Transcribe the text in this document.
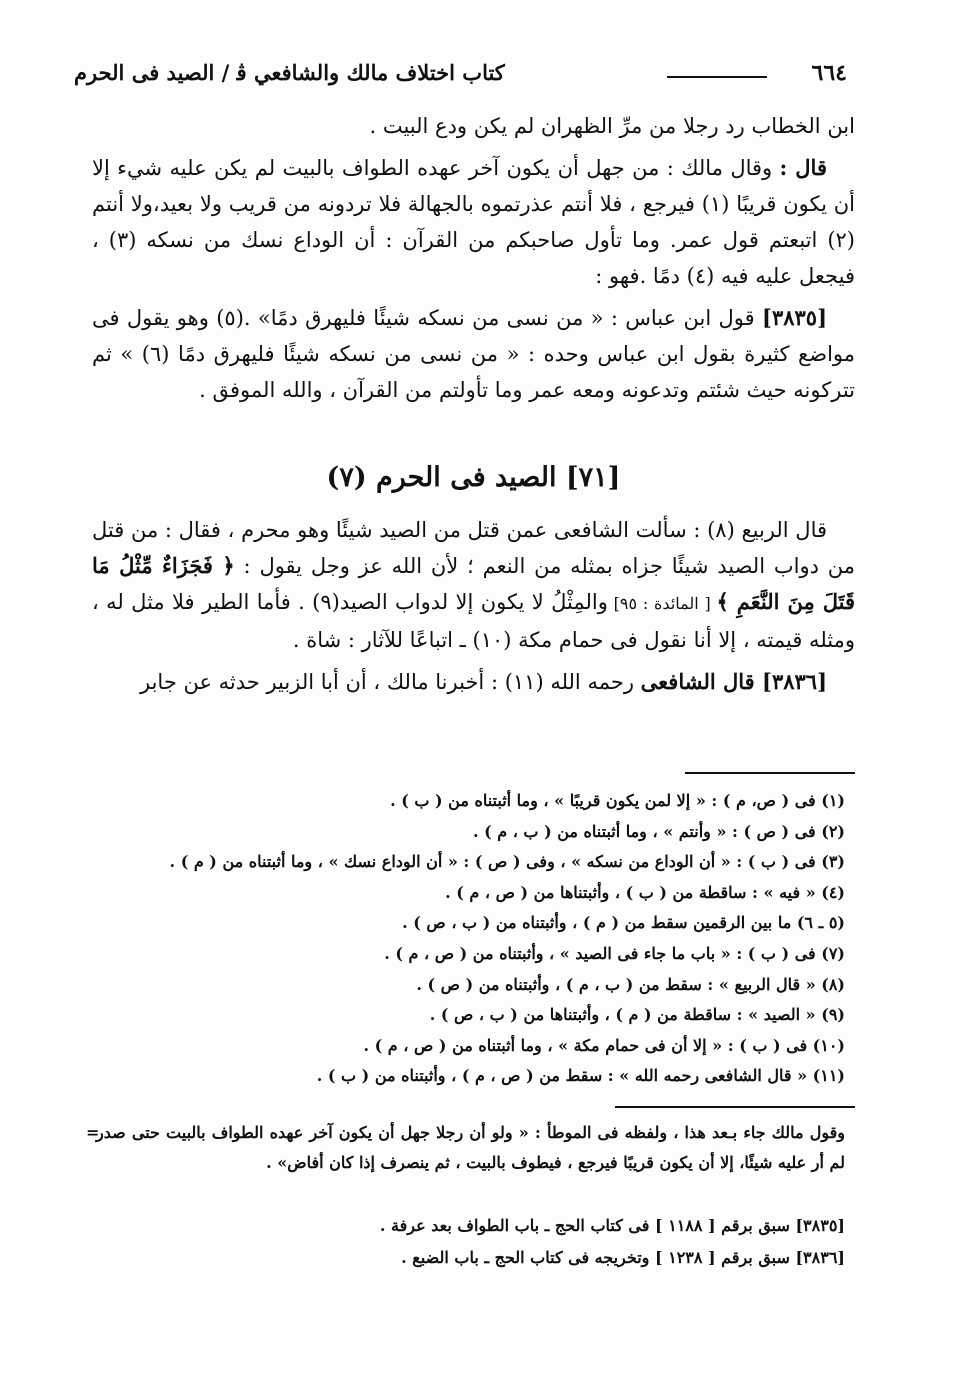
٦٦٤
كتاب اختلاف مالك والشافعي ﭬ / الصيد فى الحرم

ابن الخطاب رد رجلا من مرِّ الظهران لم يكن ودع البيت .

قال : وقال مالك : من جهل أن يكون آخر عهده الطواف بالبيت لم يكن عليه شيء إلا أن يكون قريبًا (١) فيرجع ، فلا أنتم عذرتموه بالجهالة فلا تردونه من قريب ولا بعيد،ولا أنتم (٢) اتبعتم قول عمر. وما تأول صاحبكم من القرآن : أن الوداع نسك من نسكه (٣) ، فيجعل عليه فيه (٤) دمًا .فهو :

[٣٨٣٥] قول ابن عباس : « من نسى من نسكه شيئًا فليهرق دمًا» .(٥) وهو يقول فى مواضع كثيرة بقول ابن عباس وحده : « من نسى من نسكه شيئًا فليهرق دمًا (٦) » ثم تتركونه حيث شئتم وتدعونه ومعه عمر وما تأولتم من القرآن ، والله الموفق .

[٧١] الصيد فى الحرم (٧)

قال الربيع (٨) : سألت الشافعى عمن قتل من الصيد شيئًا وهو محرم ، فقال : من قتل من دواب الصيد شيئًا جزاه بمثله من النعم ؛ لأن الله عز وجل يقول : ﴿ فَجَزَاءٌ مِّثْلُ مَا قَتَلَ مِنَ النَّعَمِ ﴾ [ المائدة : ٩٥] والمِثْلُ لا يكون إلا لدواب الصيد(٩) . فأما الطير فلا مثل له ، ومثله قيمته ، إلا أنا نقول فى حمام مكة (١٠) ـ اتباعًا للآثار : شاة .

[٣٨٣٦] قال الشافعى رحمه الله (١١) : أخبرنا مالك ، أن أبا الزبير حدثه عن جابر

(١) فى ( ص، م ) : « إلا لمن يكون قريبًا » ، وما أثبتناه من ( ب ) .
(٢) فى ( ص ) : « وأنتم » ، وما أثبتناه من ( ب ، م ) .
(٣) فى ( ب ) : « أن الوداع من نسكه » ، وفى ( ص ) : « أن الوداع نسك » ، وما أثبتناه من ( م ) .
(٤) « فيه » : ساقطة من ( ب ) ، وأثبتناها من ( ص ، م ) .
(٥ ـ ٦) ما بين الرقمين سقط من ( م ) ، وأثبتناه من ( ب ، ص ) .
(٧) فى ( ب ) : « باب ما جاء فى الصيد » ، وأثبتناه من ( ص ، م ) .
(٨) « قال الربيع » : سقط من ( ب ، م ) ، وأثبتناه من ( ص ) .
(٩) « الصيد » : ساقطة من ( م ) ، وأثبتناها من ( ب ، ص ) .
(١٠) فى ( ب ) : « إلا أن فى حمام مكة » ، وما أثبتناه من ( ص ، م ) .
(١١) « قال الشافعى رحمه الله » : سقط من ( ص ، م ) ، وأثبتناه من ( ب ) .

=
وقول مالك جاء بـعد هذا ، ولفظه فى الموطأ : « ولو أن رجلا جهل أن يكون آخر عهده الطواف بالبيت حتى صدر لم أر عليه شيئًا، إلا أن يكون قريبًا فيرجع ، فيطوف بالبيت ، ثم ينصرف إذا كان أفاض» .

[٣٨٣٥] سبق برقم [ ١١٨٨ ] فى كتاب الحج ـ باب الطواف بعد عرفة .
[٣٨٣٦] سبق برقم [ ١٢٣٨ ] وتخريجه فى كتاب الحج ـ باب الضبع .
